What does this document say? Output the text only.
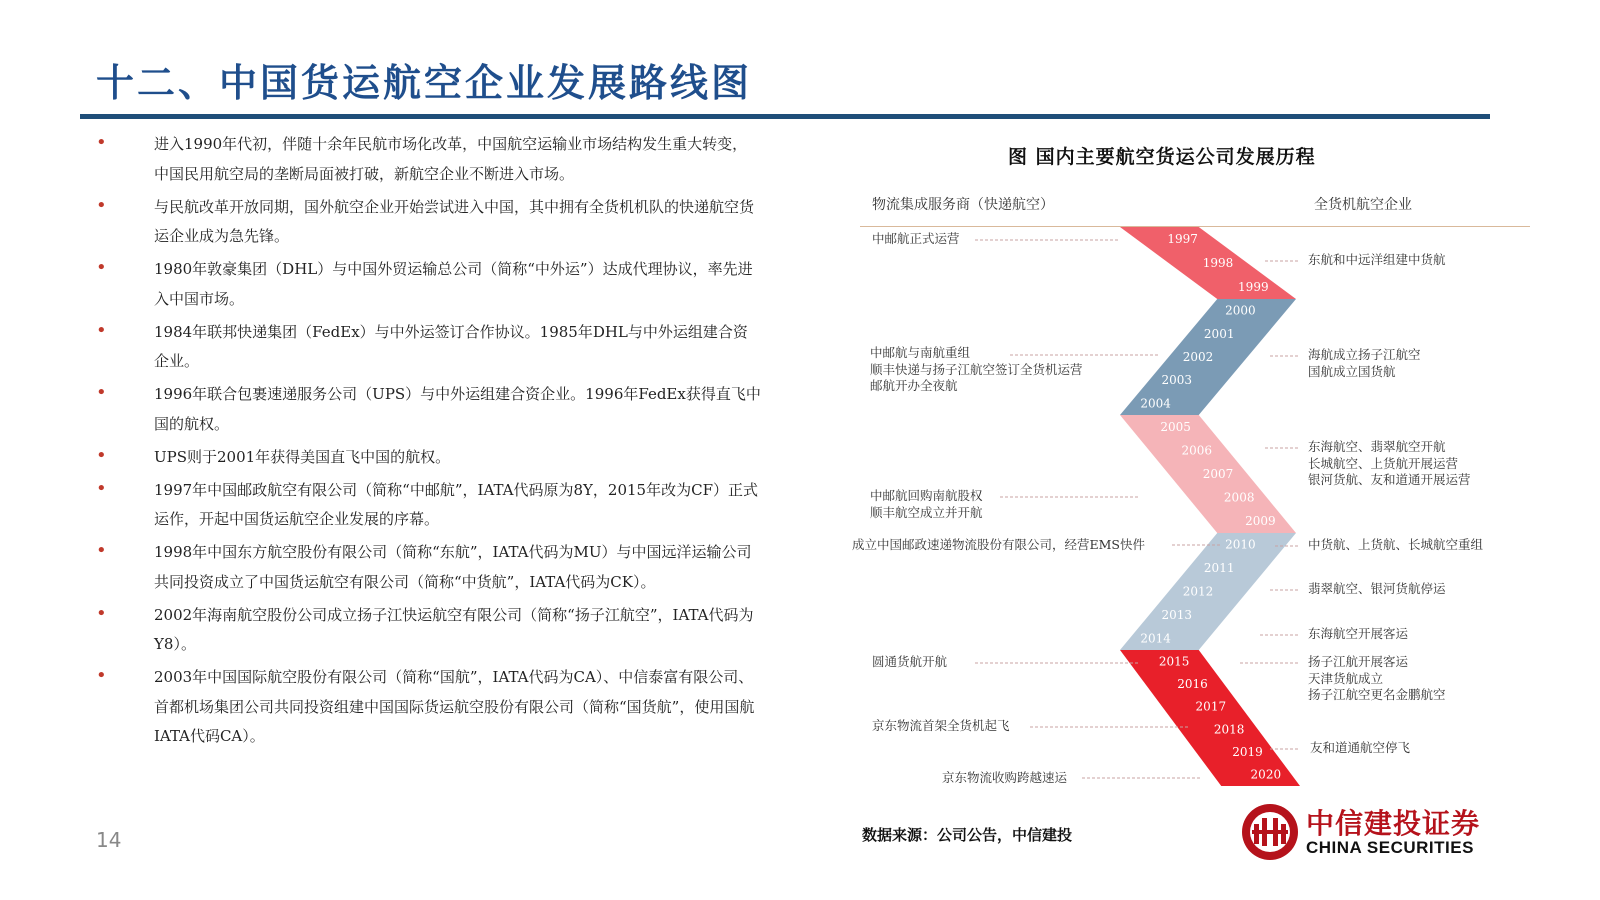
十二、中国货运航空企业发展路线图
•	进入1990年代初，伴随十余年民航市场化改革，中国航空运输业市场结构发生重大转变，中国民用航空局的垄断局面被打破，新航空企业不断进入市场。
•	与民航改革开放同期，国外航空企业开始尝试进入中国，其中拥有全货机机队的快递航空货运企业成为急先锋。
•	1980年敦豪集团（DHL）与中国外贸运输总公司（简称“中外运”）达成代理协议，率先进入中国市场。
•	1984年联邦快递集团（FedEx）与中外运签订合作协议。1985年DHL与中外运组建合资企业。
•	1996年联合包裹速递服务公司（UPS）与中外运组建合资企业。1996年FedEx获得直飞中国的航权。
•	UPS则于2001年获得美国直飞中国的航权。
•	1997年中国邮政航空有限公司（简称“中邮航”，IATA代码原为8Y，2015年改为CF）正式运作，开起中国货运航空企业发展的序幕。
•	1998年中国东方航空股份有限公司（简称“东航”，IATA代码为MU）与中国远洋运输公司共同投资成立了中国货运航空有限公司（简称“中货航”，IATA代码为CK）。
•	2002年海南航空股份公司成立扬子江快运航空有限公司（简称“扬子江航空”，IATA代码为Y8）。
•	2003年中国国际航空股份有限公司（简称“国航”，IATA代码为CA）、中信泰富有限公司、首都机场集团公司共同投资组建中国国际货运航空股份有限公司（简称“国货航”，使用国航IATA代码CA）。
14
图 国内主要航空货运公司发展历程
物流集成服务商（快递航空）	全货机航空企业
1997
1998
1999
2000
2001
2002
2003
2004
2005
2006
2007
2008
2009
2010
2011
2012
2013
2014
2015
2016
2017
2018
2019
2020
中邮航正式运营
中邮航与南航重组
顺丰快递与扬子江航空签订全货机运营
邮航开办全夜航
中邮航回购南航股权
顺丰航空成立并开航
成立中国邮政速递物流股份有限公司，经营EMS快件
圆通货航开航
京东物流首架全货机起飞
京东物流收购跨越速运
东航和中远洋组建中货航
海航成立扬子江航空
国航成立国货航
东海航空、翡翠航空开航
长城航空、上货航开展运营
银河货航、友和道通开展运营
中货航、上货航、长城航空重组
翡翠航空、银河货航停运
东海航空开展客运
扬子江航开展客运
天津货航成立
扬子江航空更名金鹏航空
友和道通航空停飞
数据来源：公司公告，中信建投	中信建投证券
CHINA SECURITIES
